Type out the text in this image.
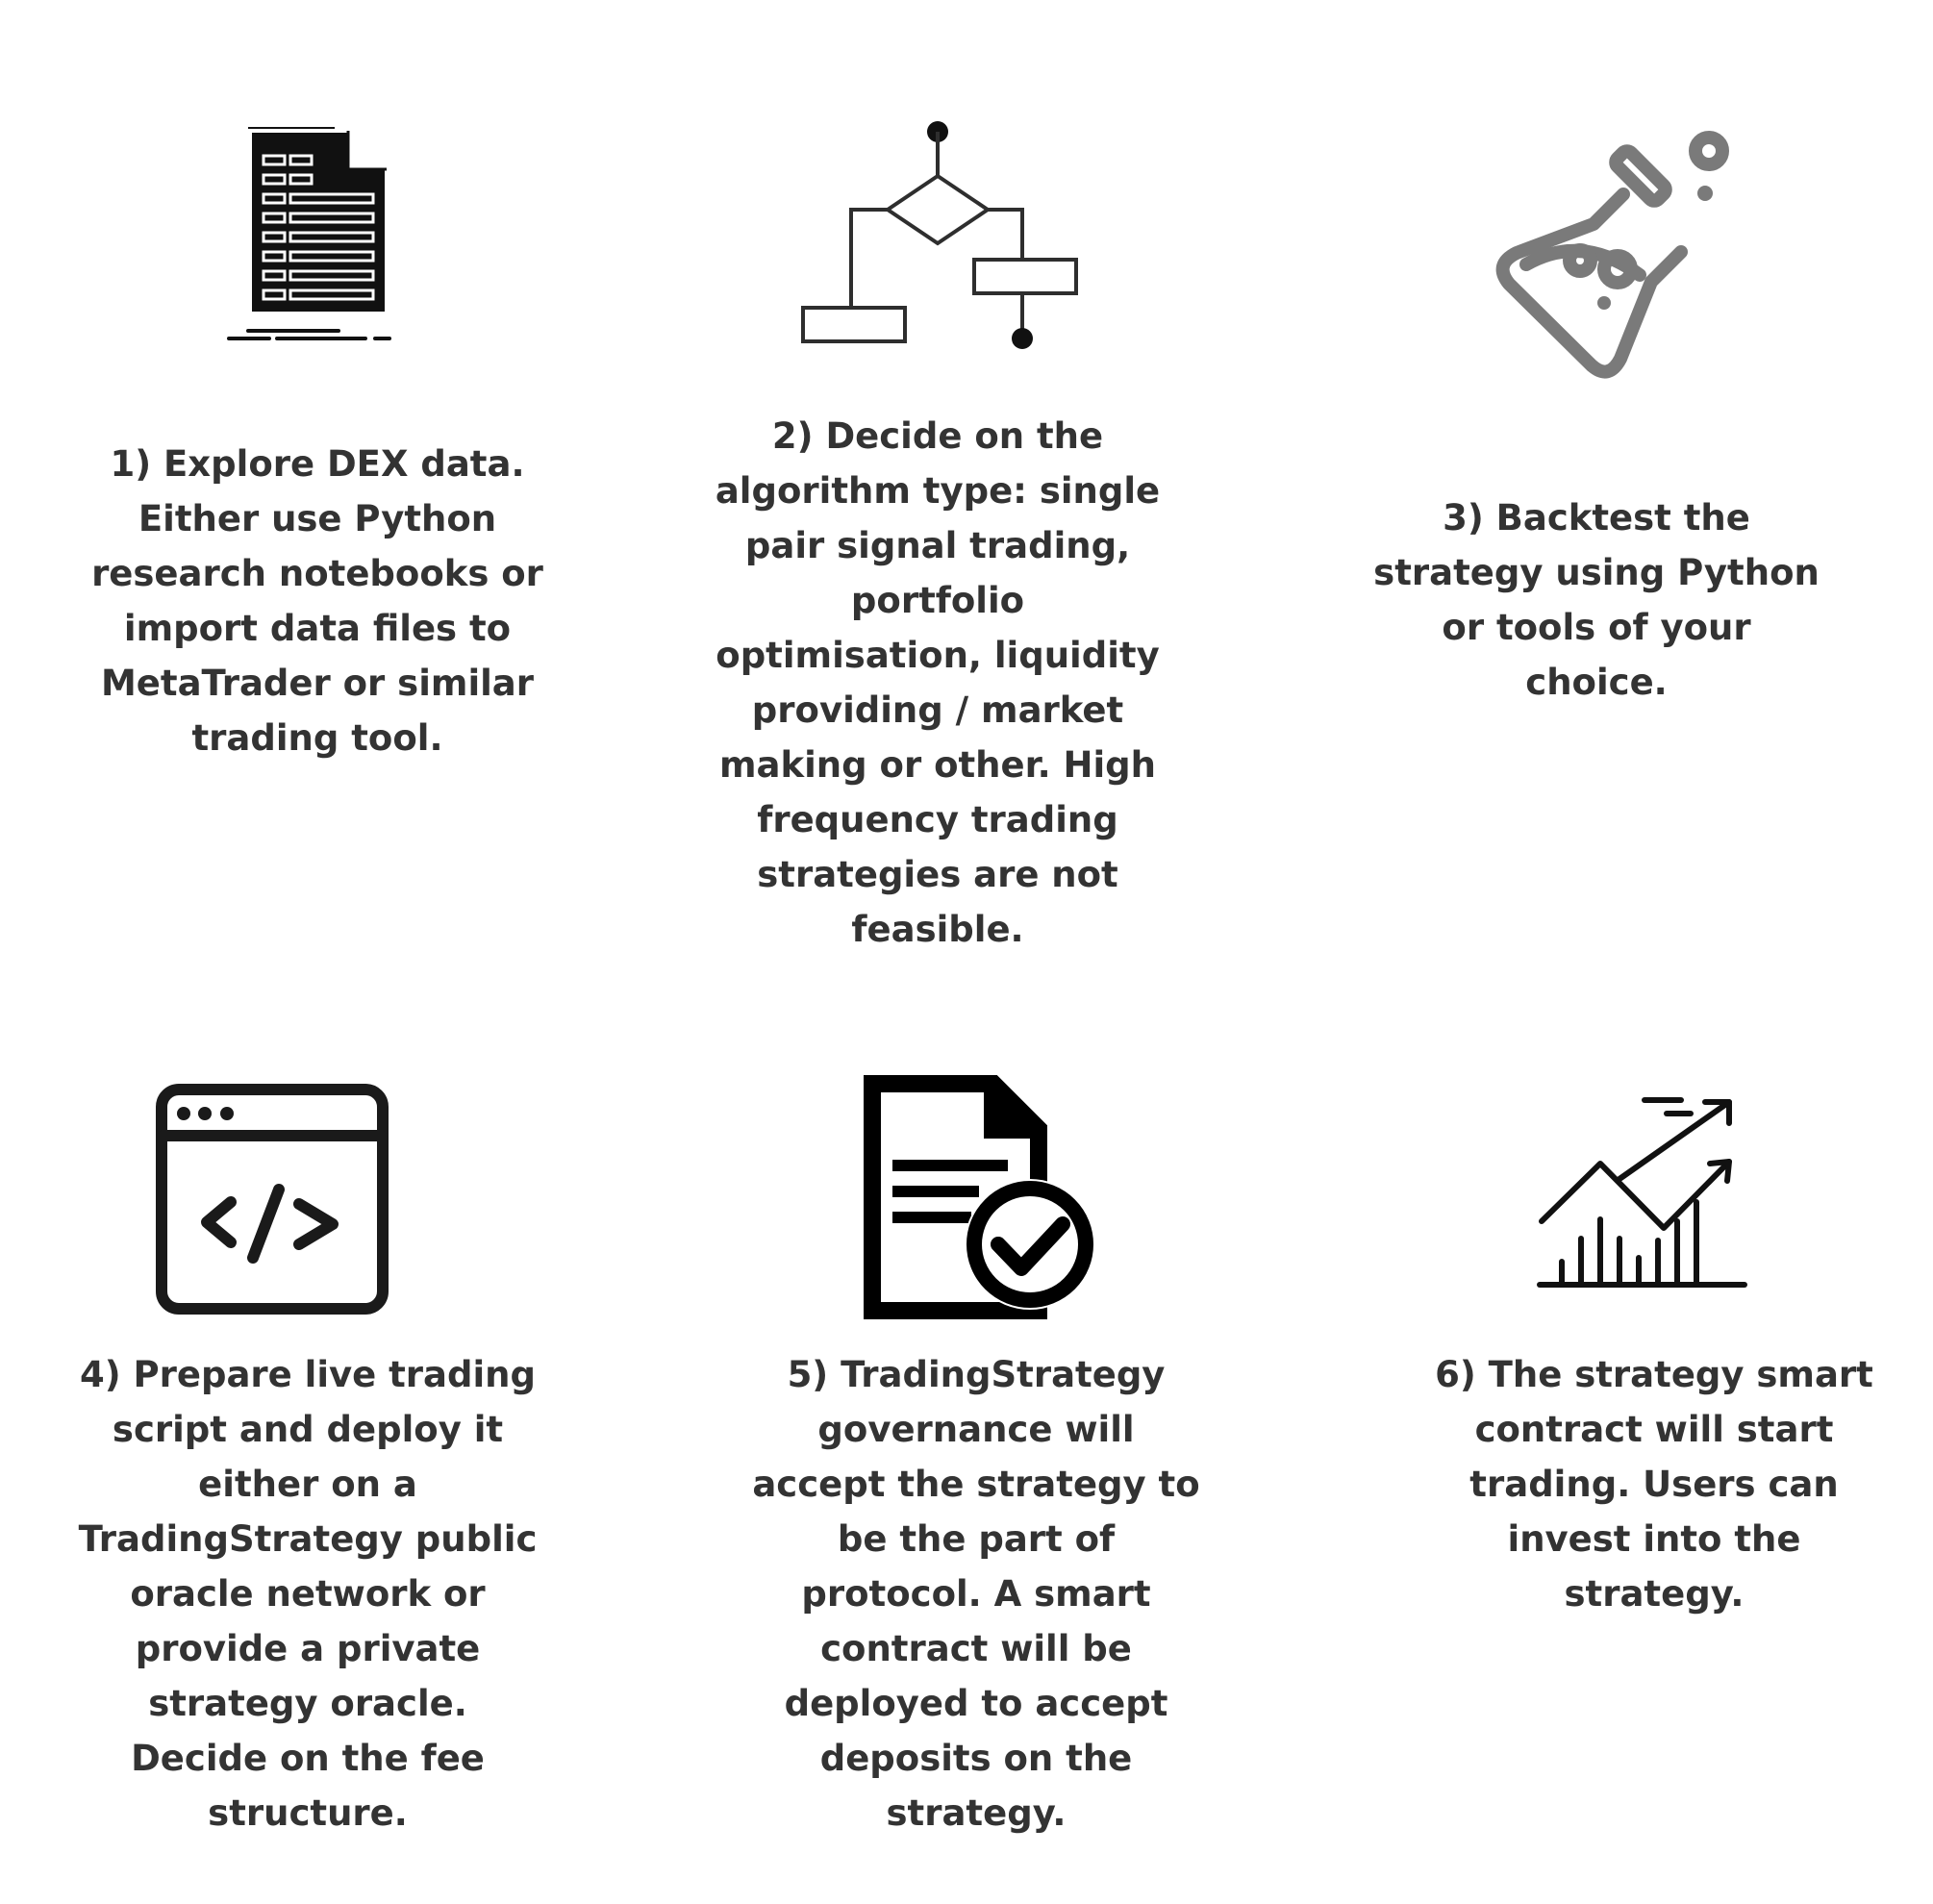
1) Explore DEX data.
Either use Python
research notebooks or
import data files to
MetaTrader or similar
trading tool.

2) Decide on the
algorithm type: single
pair signal trading,
portfolio
optimisation, liquidity
providing / market
making or other. High
frequency trading
strategies are not
feasible.

3) Backtest the
strategy using Python
or tools of your
choice.

4) Prepare live trading
script and deploy it
either on a
TradingStrategy public
oracle network or
provide a private
strategy oracle.
Decide on the fee
structure.

5) TradingStrategy
governance will
accept the strategy to
be the part of
protocol. A smart
contract will be
deployed to accept
deposits on the
strategy.

6) The strategy smart
contract will start
trading. Users can
invest into the
strategy.
